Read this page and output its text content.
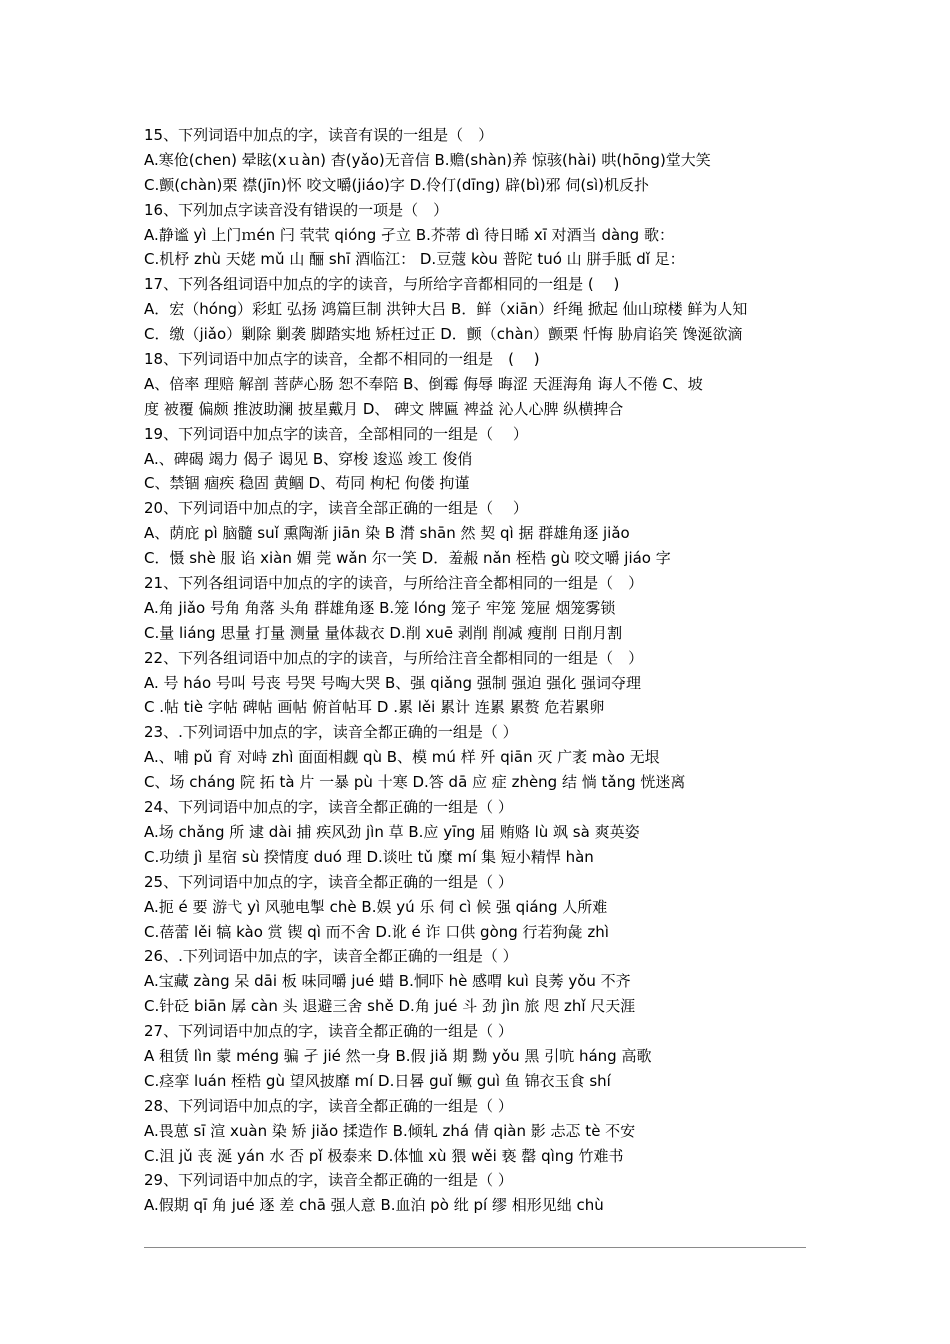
15、下列词语中加点的字，读音有误的一组是（　）
A.寒伧(chen) 晕眩(xｕàn) 杳(yǎo)无音信 B.赡(shàn)养 惊骇(hài) 哄(hōng)堂大笑
C.颤(chàn)栗 襟(jīn)怀 咬文嚼(jiáo)字 D.伶仃(dīng) 辟(bì)邪 伺(sì)机反扑
16、下列加点字读音没有错误的一项是（　）
A.静谧 yì 上门ｍén 闩 茕茕 qióng 孑立 B.芥蒂 dì 待日晞 xī 对酒当 dàng 歌：
C.机杼 zhù 天姥 mǔ 山 酾 shī 酒临江： D.豆蔻 kòu 普陀 tuó 山 胼手胝 dǐ 足：
17、下列各组词语中加点的字的读音，与所给字音都相同的一组是 (　 )
A．宏（hóng）彩虹 弘扬 鸿篇巨制 洪钟大吕 B．鲜（xiān）纤绳 掀起 仙山琼楼 鲜为人知
C．缴（jiǎo）剿除 剿袭 脚踏实地 矫枉过正 D．颤（chàn）颤栗 忏悔 胁肩谄笑 馋涎欲滴
18、下列词语中加点字的读音，全都不相同的一组是　(　 )
A、倍率 理赔 解剖 菩萨心肠 恕不奉陪 B、倒霉 侮辱 晦涩 天涯海角 诲人不倦 C、坡
度 被覆 偏颇 推波助澜 披星戴月 D、 碑文 牌匾 裨益 沁人心脾 纵横捭合
19、下列词语中加点字的读音，全部相同的一组是（　 ）
A.、碑碣 竭力 偈子 谒见 B、穿梭 逡巡 竣工 俊俏
C、禁锢 痼疾 稳固 黄鲴 D、苟同 枸杞 佝偻 拘谨
20、下列词语中加点的字，读音全部正确的一组是（　 ）
A、荫庇 pì 脑髓 suǐ 熏陶渐 jiān 染 B 潸 shān 然 契 qì 据 群雄角逐 jiǎo
C．慑 shè 服 谄 xiàn 媚 莞 wǎn 尔一笑 D．羞赧 nǎn 桎梏 gù 咬文嚼 jiáo 字
21、下列各组词语中加点的字的读音，与所给注音全都相同的一组是（　）
A.角 jiǎo 号角 角落 头角 群雄角逐 B.笼 lóng 笼子 牢笼 笼屉 烟笼雾锁
C.量 liáng 思量 打量 测量 量体裁衣 D.削 xuē 剥削 削减 瘦削 日削月割
22、下列各组词语中加点的字的读音，与所给注音全都相同的一组是（　）
A. 号 háo 号叫 号丧 号哭 号啕大哭 B、强 qiǎng 强制 强迫 强化 强词夺理
C .帖 tiè 字帖 碑帖 画帖 俯首帖耳 D .累 lěi 累计 连累 累赘 危若累卵
23、.下列词语中加点的字，读音全都正确的一组是（ ）
A.、哺 pǔ 育 对峙 zhì 面面相觑 qù B、模 mú 样 歼 qiān 灭 广袤 mào 无垠
C、场 cháng 院 拓 tà 片 一暴 pù 十寒 D.答 dā 应 症 zhèng 结 惝 tǎng 恍迷离
24、下列词语中加点的字，读音全都正确的一组是（ ）
A.场 chǎng 所 逮 dài 捕 疾风劲 jìn 草 B.应 yīng 届 贿赂 lù 飒 sà 爽英姿
C.功绩 jì 星宿 sù 揆情度 duó 理 D.谈吐 tǔ 糜 mí 集 短小精悍 hàn
25、下列词语中加点的字，读音全都正确的一组是（ ）
A.扼 é 要 游弋 yì 风驰电掣 chè B.娱 yú 乐 伺 cì 候 强 qiáng 人所难
C.蓓蕾 lěi 犒 kào 赏 锲 qì 而不舍 D.讹 é 诈 口供 gòng 行若狗彘 zhì
26、.下列词语中加点的字，读音全都正确的一组是（ ）
A.宝藏 zàng 呆 dāi 板 味同嚼 jué 蜡 B.恫吓 hè 感喟 kuì 良莠 yǒu 不齐
C.针砭 biān 孱 càn 头 退避三舍 shě D.角 jué 斗 劲 jìn 旅 咫 zhǐ 尺天涯
27、下列词语中加点的字，读音全都正确的一组是（ ）
A 租赁 lìn 蒙 méng 骗 孑 jié 然一身 B.假 jiǎ 期 黝 yǒu 黑 引吭 háng 高歌
C.痉挛 luán 桎梏 gù 望风披靡 mí D.日晷 guǐ 鳜 guì 鱼 锦衣玉食 shí
28、下列词语中加点的字，读音全都正确的一组是（ ）
A.畏葸 sī 渲 xuàn 染 矫 jiǎo 揉造作 B.倾轧 zhá 倩 qiàn 影 忐忑 tè 不安
C.沮 jǔ 丧 涎 yán 水 否 pǐ 极泰来 D.体恤 xù 猥 wěi 亵 罄 qìng 竹难书
29、下列词语中加点的字，读音全都正确的一组是（ ）
A.假期 qī 角 jué 逐 差 chā 强人意 B.血泊 pò 纰 pí 缪 相形见绌 chù
